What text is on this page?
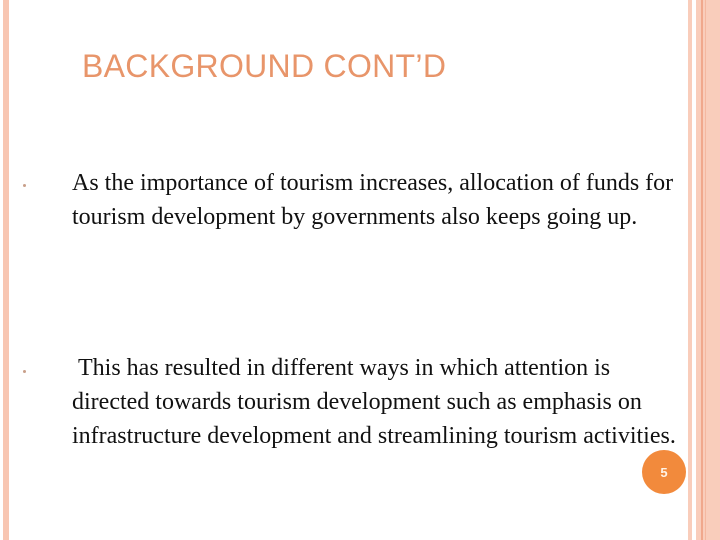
BACKGROUND CONT’D
As the importance of tourism increases, allocation of funds for tourism development by governments also keeps going up.
This has resulted in different ways in which attention is directed towards tourism development such as emphasis on infrastructure development and streamlining tourism activities.
5
